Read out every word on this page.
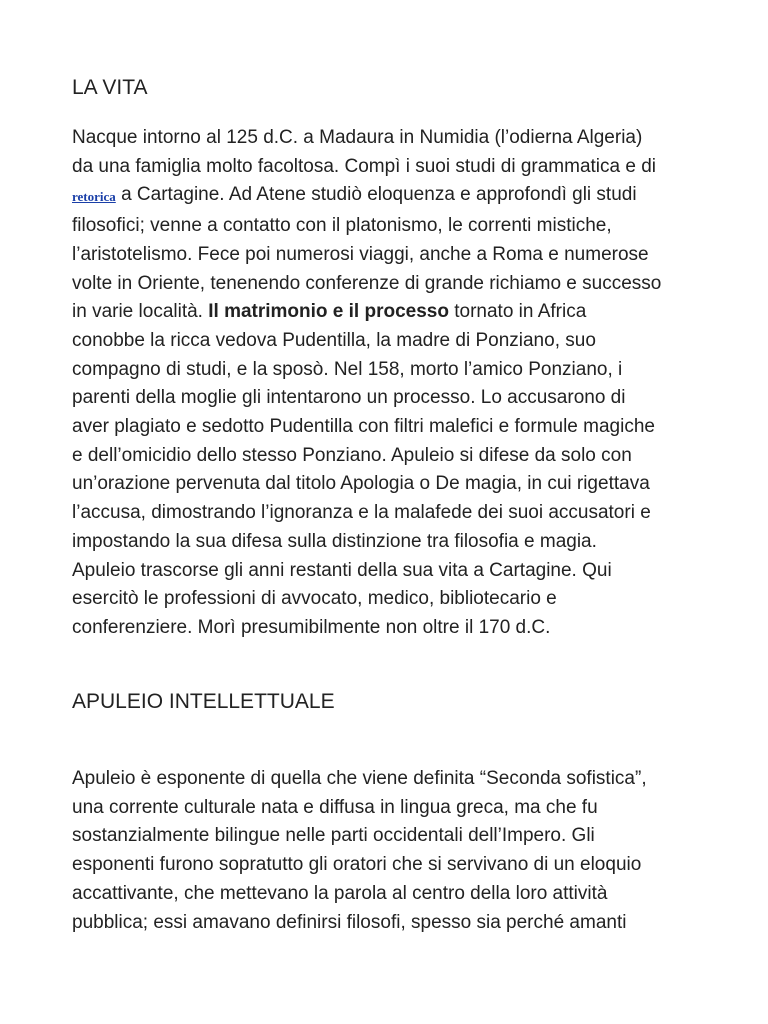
LA VITA

Nacque intorno al 125 d.C. a Madaura in Numidia (l’odierna Algeria)
da una famiglia molto facoltosa. Compì i suoi studi di grammatica e di
retorica a Cartagine. Ad Atene studiò eloquenza e approfondì gli studi
filosofici; venne a contatto con il platonismo, le correnti mistiche,
l’aristotelismo. Fece poi numerosi viaggi, anche a Roma e numerose
volte in Oriente, tenenendo conferenze di grande richiamo e successo
in varie località. Il matrimonio e il processo tornato in Africa
conobbe la ricca vedova Pudentilla, la madre di Ponziano, suo
compagno di studi, e la sposò. Nel 158, morto l’amico Ponziano, i
parenti della moglie gli intentarono un processo. Lo accusarono di
aver plagiato e sedotto Pudentilla con filtri malefici e formule magiche
e dell’omicidio dello stesso Ponziano. Apuleio si difese da solo con
un’orazione pervenuta dal titolo Apologia o De magia, in cui rigettava
l’accusa, dimostrando l’ignoranza e la malafede dei suoi accusatori e
impostando la sua difesa sulla distinzione tra filosofia e magia.
Apuleio trascorse gli anni restanti della sua vita a Cartagine. Qui
esercitò le professioni di avvocato, medico, bibliotecario e
conferenziere. Morì presumibilmente non oltre il 170 d.C.

APULEIO INTELLETTUALE

Apuleio è esponente di quella che viene definita “Seconda sofistica”,
una corrente culturale nata e diffusa in lingua greca, ma che fu
sostanzialmente bilingue nelle parti occidentali dell’Impero. Gli
esponenti furono sopratutto gli oratori che si servivano di un eloquio
accattivante, che mettevano la parola al centro della loro attività
pubblica; essi amavano definirsi filosofi, spesso sia perché amanti
